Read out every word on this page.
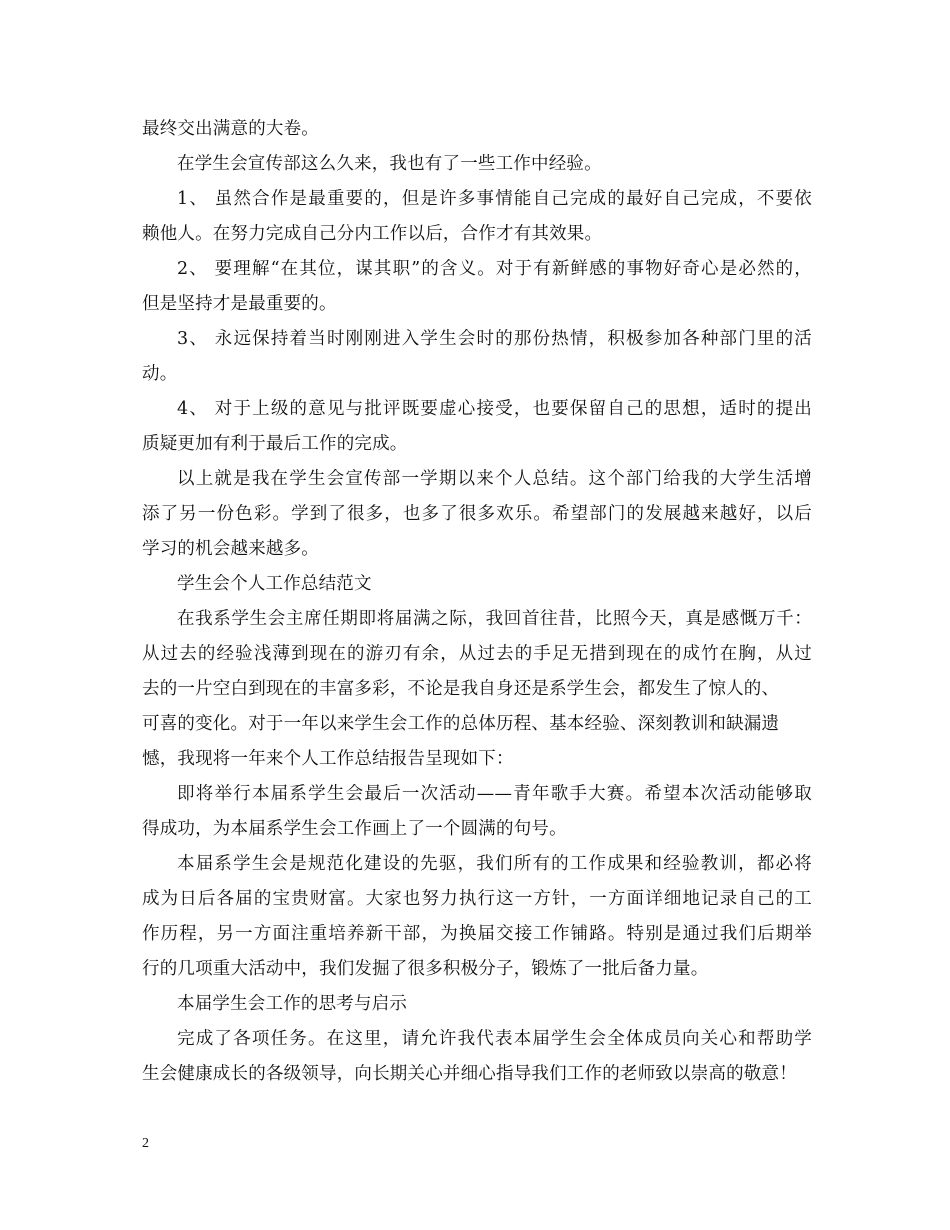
最终交出满意的大卷。
在学生会宣传部这么久来，我也有了一些工作中经验。
1、 虽然合作是最重要的，但是许多事情能自己完成的最好自己完成，不要依
赖他人。在努力完成自己分内工作以后，合作才有其效果。
2、 要理解“在其位，谋其职”的含义。对于有新鲜感的事物好奇心是必然的，
但是坚持才是最重要的。
3、 永远保持着当时刚刚进入学生会时的那份热情，积极参加各种部门里的活
动。
4、 对于上级的意见与批评既要虚心接受，也要保留自己的思想，适时的提出
质疑更加有利于最后工作的完成。
以上就是我在学生会宣传部一学期以来个人总结。这个部门给我的大学生活增
添了另一份色彩。学到了很多，也多了很多欢乐。希望部门的发展越来越好，以后
学习的机会越来越多。
学生会个人工作总结范文
在我系学生会主席任期即将届满之际，我回首往昔，比照今天，真是感慨万千：
从过去的经验浅薄到现在的游刃有余，从过去的手足无措到现在的成竹在胸，从过
去的一片空白到现在的丰富多彩，不论是我自身还是系学生会，都发生了惊人的、
可喜的变化。对于一年以来学生会工作的总体历程、基本经验、深刻教训和缺漏遗
憾，我现将一年来个人工作总结报告呈现如下：
即将举行本届系学生会最后一次活动——青年歌手大赛。希望本次活动能够取
得成功，为本届系学生会工作画上了一个圆满的句号。
本届系学生会是规范化建设的先驱，我们所有的工作成果和经验教训，都必将
成为日后各届的宝贵财富。大家也努力执行这一方针，一方面详细地记录自己的工
作历程，另一方面注重培养新干部，为换届交接工作铺路。特别是通过我们后期举
行的几项重大活动中，我们发掘了很多积极分子，锻炼了一批后备力量。
本届学生会工作的思考与启示
完成了各项任务。在这里，请允许我代表本届学生会全体成员向关心和帮助学
生会健康成长的各级领导，向长期关心并细心指导我们工作的老师致以崇高的敬意！
2
